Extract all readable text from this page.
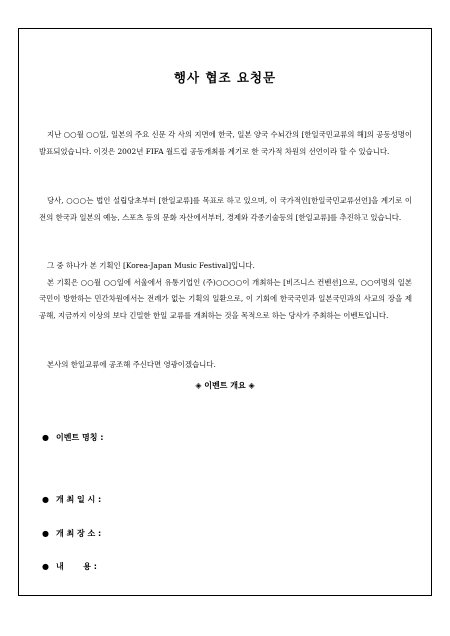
행사 협조 요청문
지난 ○○월 ○○일, 일본의 주요 신문 각 사의 지면에 한국, 일본 양국 수뇌간의 [한일국민교류의 해]의 공동성명이 발표되었습니다. 이것은 2002년 FIFA 월드컵 공동개최를 계기로 한 국가적 차원의 선언이라 할 수 있습니다.
당사, ○○○는 법인 설립당초부터 [한일교류]를 목표로 하고 있으며, 이 국가적인[한일국민교류선언]을 계기로 이전의 한국과 일본의 예능, 스포츠 등의 문화 자산에서부터, 경제와 각종기술등의 [한일교류]를 추진하고 있습니다.
그 중 하나가 본 기획인 [Korea-Japan Music Festival]입니다.
본 기획은 ○○월 ○○일에 서울에서 유통기업인 (주)○○○○이 개최하는 [비즈니스 컨벤션]으로, ○○여명의 일본국민이 방한하는 민간차원에서는 전례가 없는 기획의 일환으로, 이 기회에 한국국민과 일본국민과의 사교의 장을 제공해, 지금까지 이상의 보다 긴밀한 한일 교류를 개최하는 것을 목적으로 하는 당사가 주최하는 이벤트입니다.
본사의 한일교류에 공조해 주신다면 영광이겠습니다.
◈ 이벤트 개요 ◈
● 이벤트 명칭 :
● 개 최 일 시 :
● 개 최 장 소 :
● 내       용 :
